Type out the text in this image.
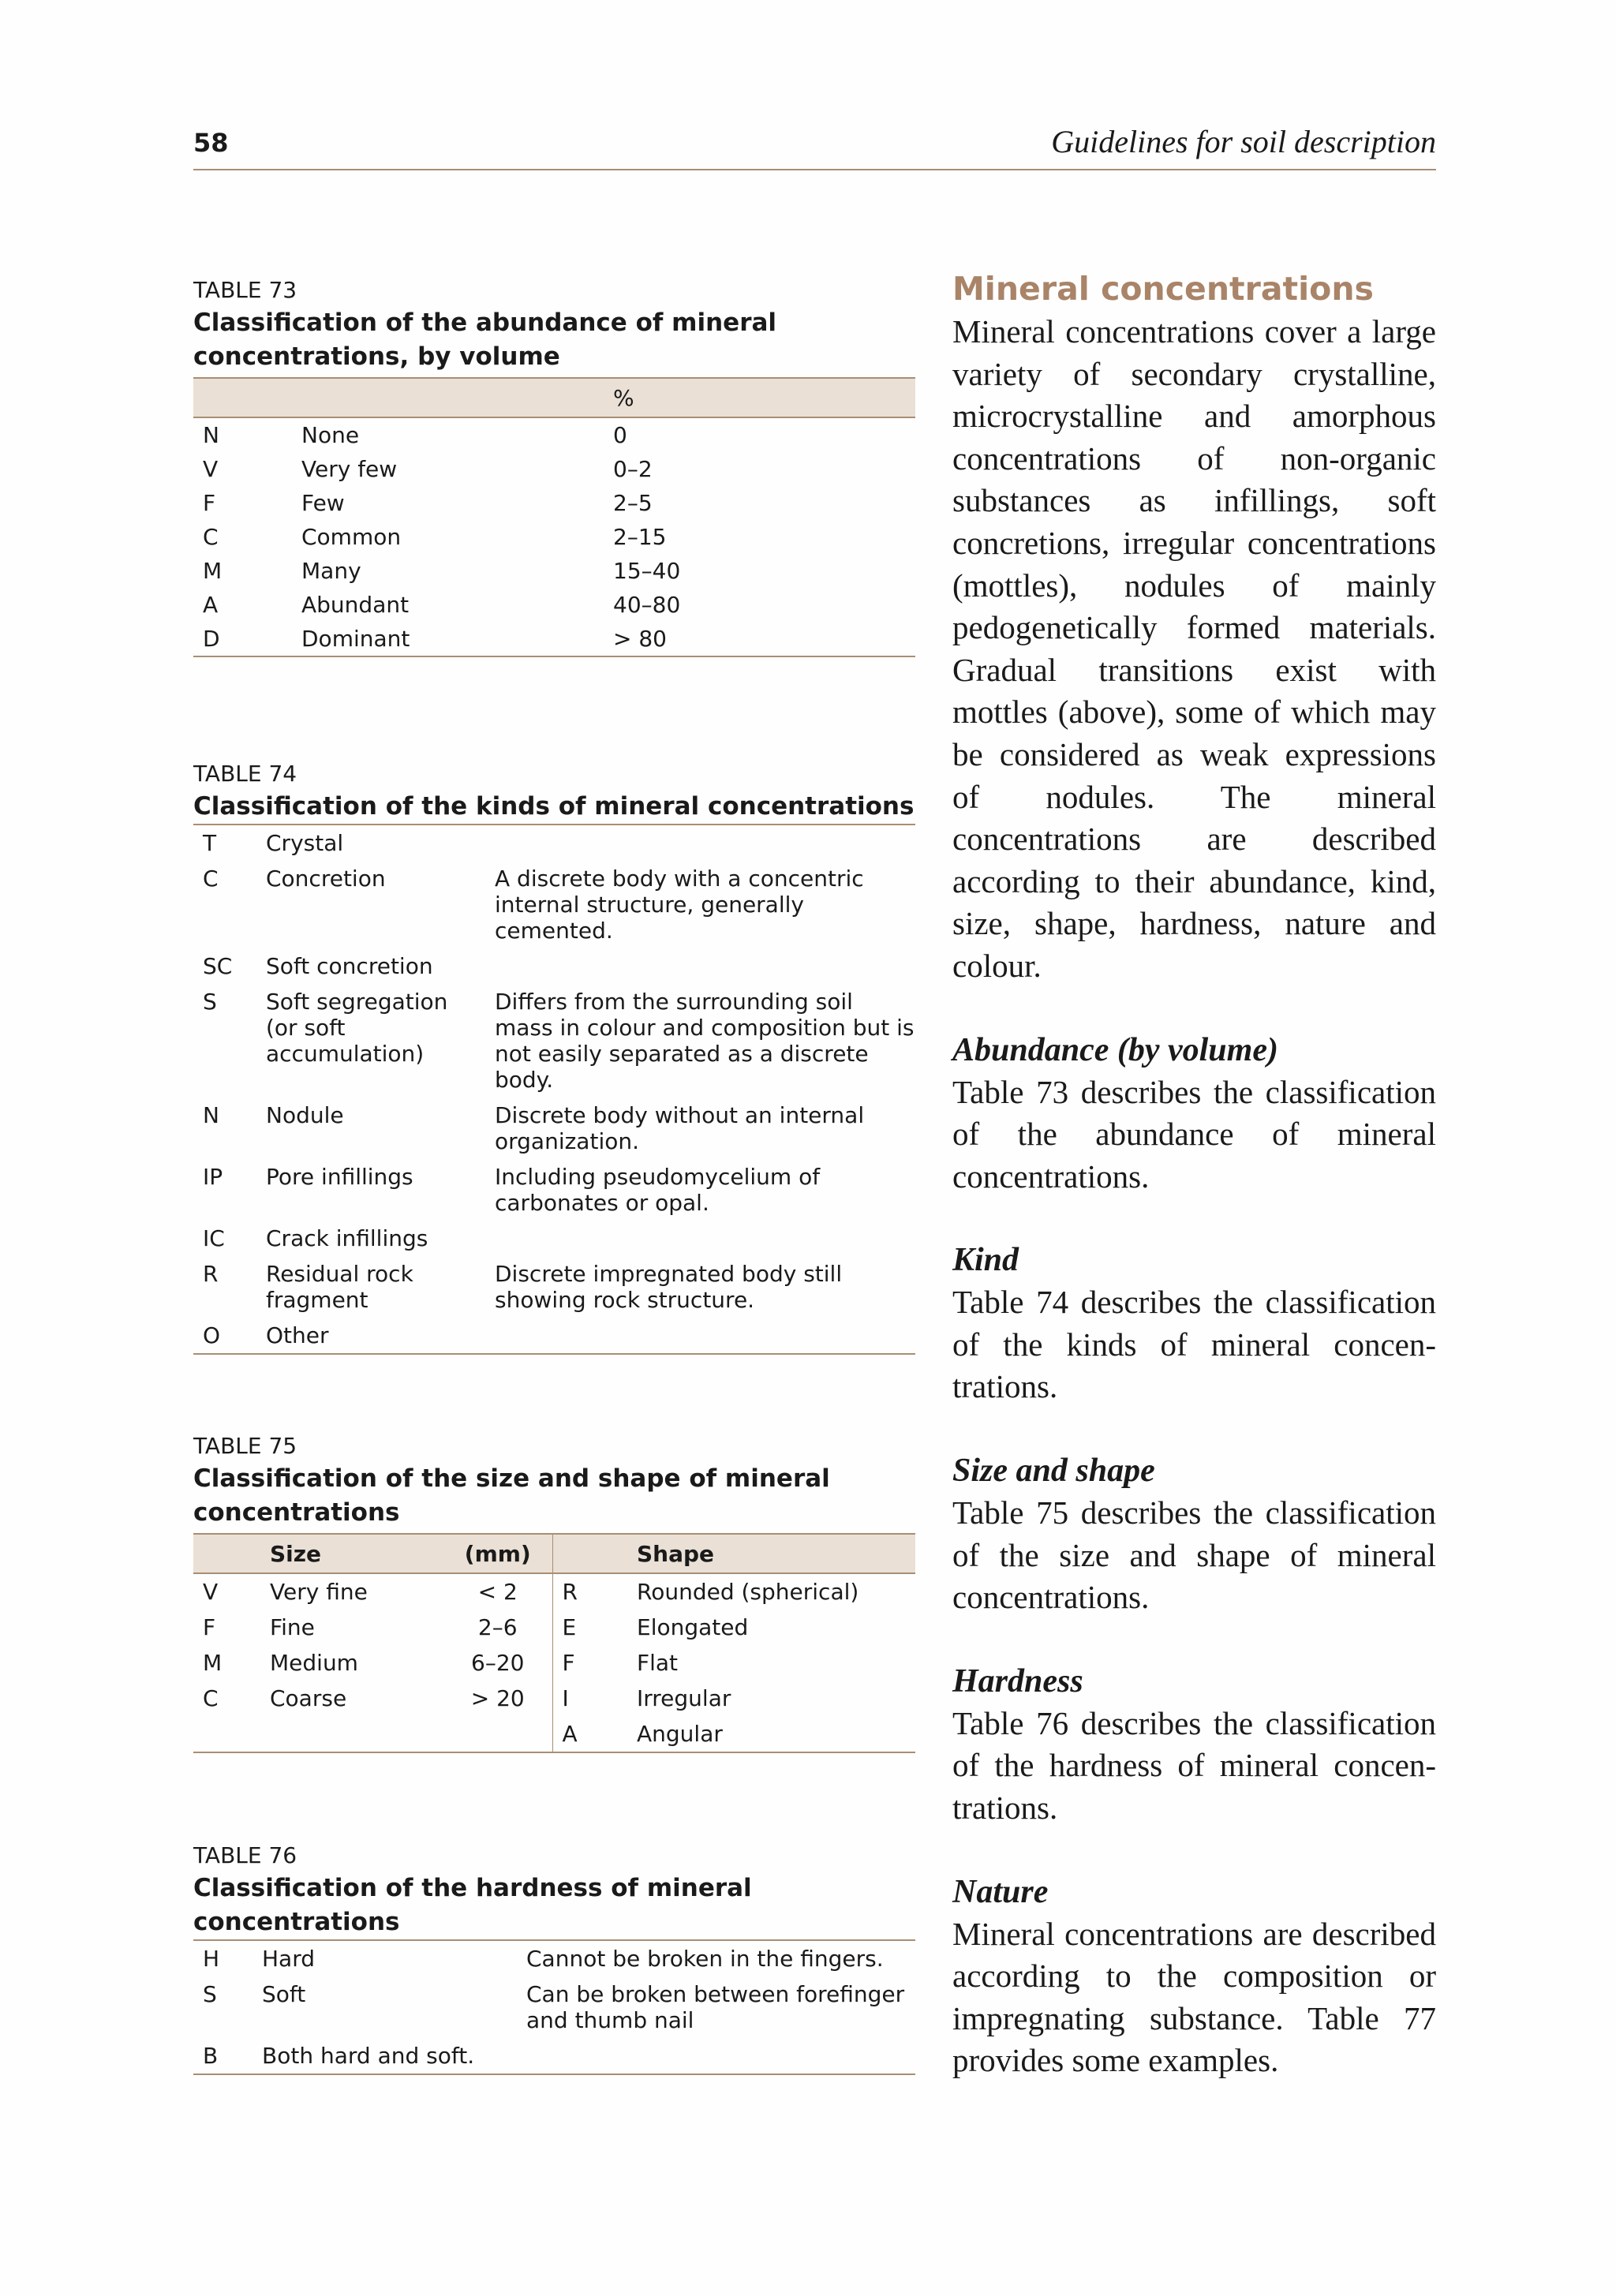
58	Guidelines for soil description
TABLE 73
Classification of the abundance of mineral concentrations, by volume
		%
N	None	0
V	Very few	0–2
F	Few	2–5
C	Common	2–15
M	Many	15–40
A	Abundant	40–80
D	Dominant	> 80
TABLE 74
Classification of the kinds of mineral concentrations
T	Crystal	
C	Concretion	A discrete body with a concentric internal structure, generally cemented.
SC	Soft concretion	
S	Soft segregation (or soft accumulation)	Differs from the surrounding soil mass in colour and composition but is not easily separated as a discrete body.
N	Nodule	Discrete body without an internal organization.
IP	Pore infillings	Including pseudomycelium of carbonates or opal.
IC	Crack infillings	
R	Residual rock fragment	Discrete impregnated body still showing rock structure.
O	Other	
TABLE 75
Classification of the size and shape of mineral concentrations
	Size	(mm)		Shape
V	Very fine	< 2	R	Rounded (spherical)
F	Fine	2–6	E	Elongated
M	Medium	6–20	F	Flat
C	Coarse	> 20	I	Irregular
			A	Angular
TABLE 76
Classification of the hardness of mineral concentrations
H	Hard	Cannot be broken in the fingers.
S	Soft	Can be broken between forefinger and thumb nail
B	Both hard and soft.	
Mineral concentrations

Mineral concentrations cover a large variety of secondary crystalline, microcrystalline and amorphous concentrations of non-organic substances as infillings, soft concretions, irregular concentrations (mottles), nodules of mainly pedogenetically formed materials. Gradual transitions exist with mottles (above), some of which may be considered as weak expressions of nodules. The mineral concentrations are described according to their abundance, kind, size, shape, hardness, nature and colour.

Abundance (by volume)

Table 73 describes the classification of the abundance of mineral concentrations.

Kind

Table 74 describes the classification of the kinds of mineral concen-trations.

Size and shape

Table 75 describes the classification of the size and shape of mineral concentrations.

Hardness

Table 76 describes the classification of the hardness of mineral concen-trations.

Nature

Mineral concentrations are described according to the composition or impregnating substance. Table 77 provides some examples.
